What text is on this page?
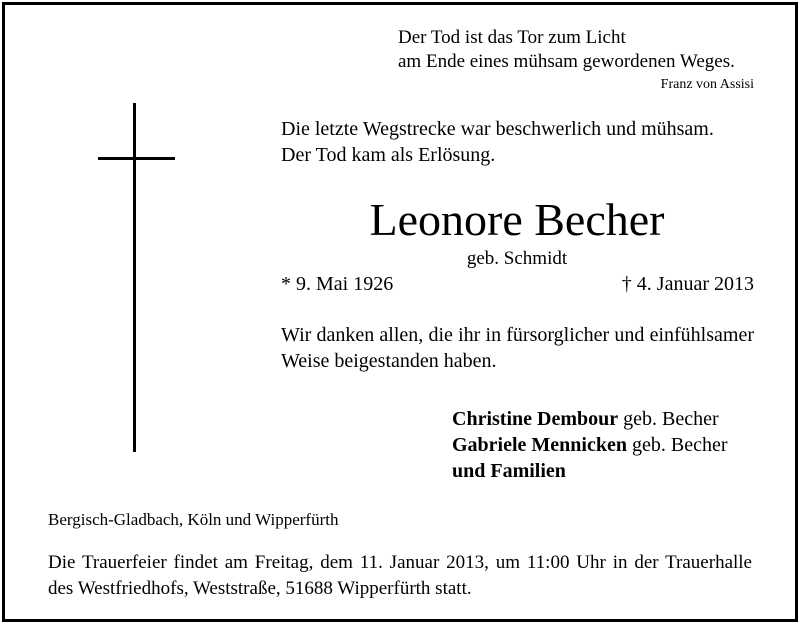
Der Tod ist das Tor zum Licht
am Ende eines mühsam gewordenen Weges.
Franz von Assisi
Die letzte Wegstrecke war beschwerlich und mühsam.
Der Tod kam als Erlösung.
Leonore Becher
geb. Schmidt
* 9. Mai 1926	† 4. Januar 2013
Wir danken allen, die ihr in fürsorglicher und einfühlsamer Weise beigestanden haben.
Christine Dembour geb. Becher
Gabriele Mennicken geb. Becher
und Familien
Bergisch-Gladbach, Köln und Wipperfürth
Die Trauerfeier findet am Freitag, dem 11. Januar 2013, um 11:00 Uhr in der Trauerhalle des Westfriedhofs, Weststraße, 51688 Wipperfürth statt.
